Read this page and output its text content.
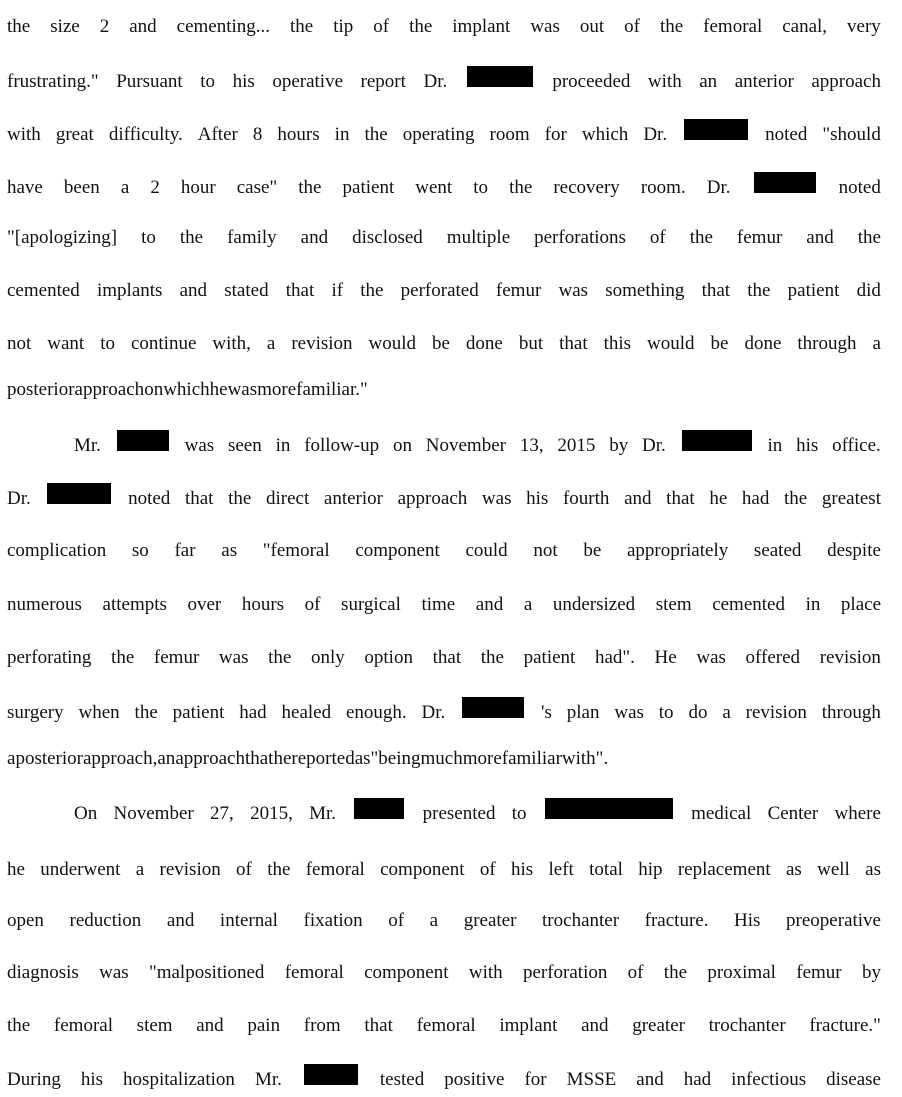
the size 2 and cementing... the tip of the implant was out of the femoral canal, very
frustrating." Pursuant to his operative report Dr.	proceeded with an anterior approach
with great difficulty. After 8 hours in the operating room for which Dr.	noted "should
have been a 2 hour case" the patient went to the recovery room. Dr.	noted
"[apologizing] to the family and disclosed multiple perforations of the femur and the
cemented implants and stated that if the perforated femur was something that the patient did
not want to continue with, a revision would be done but that this would be done through a
posterior approach on which he was more familiar."
Mr.	was seen in follow-up on November 13, 2015 by Dr.	in his office.
Dr.	noted that the direct anterior approach was his fourth and that he had the greatest
complication so far as "femoral component could not be appropriately seated despite
numerous attempts over hours of surgical time and a undersized stem cemented in place
perforating the femur was the only option that the patient had". He was offered revision
surgery when the patient had healed enough. Dr.	's plan was to do a revision through
a posterior approach, an approach that he reported as "being much more familiar with".
On November 27, 2015, Mr.	presented to	medical Center where
he underwent a revision of the femoral component of his left total hip replacement as well as
open reduction and internal fixation of a greater trochanter fracture. His preoperative
diagnosis was "malpositioned femoral component with perforation of the proximal femur by
the femoral stem and pain from that femoral implant and greater trochanter fracture."
During his hospitalization Mr.	tested positive for MSSE and had infectious disease
